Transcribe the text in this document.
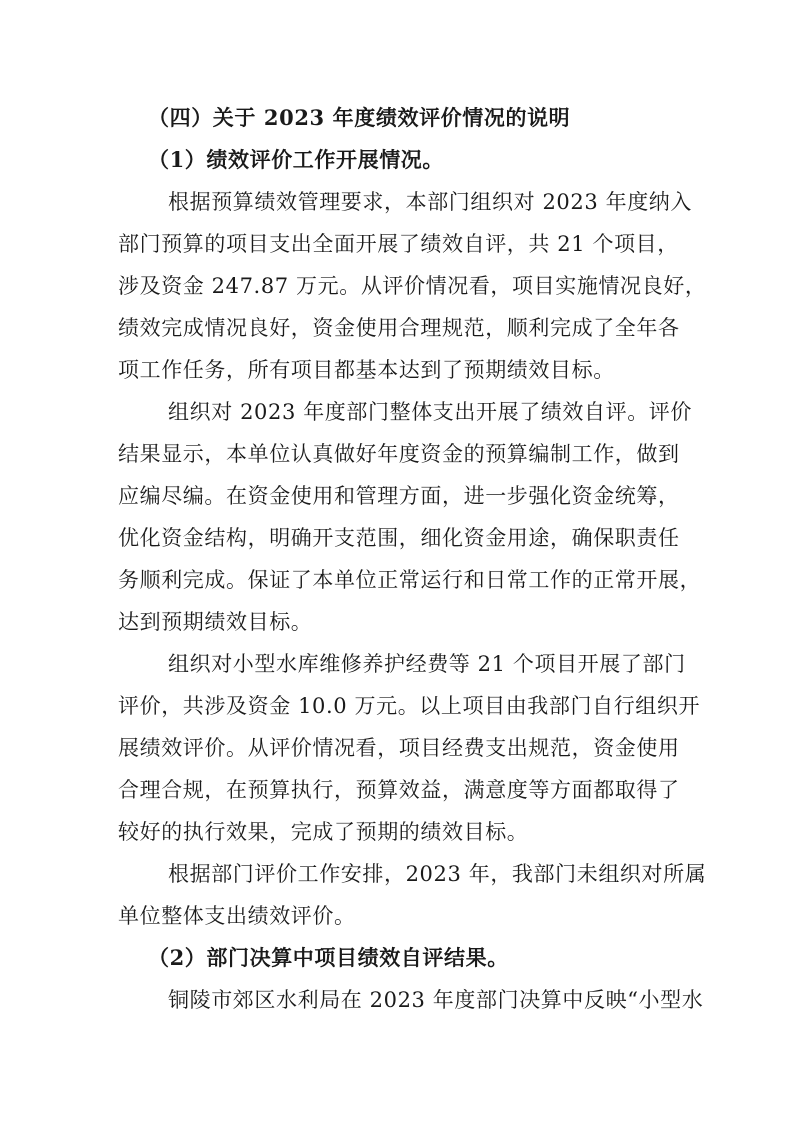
（四）关于 2023 年度绩效评价情况的说明
（1）绩效评价工作开展情况。
根据预算绩效管理要求，本部门组织对 2023 年度纳入
部门预算的项目支出全面开展了绩效自评，共 21 个项目，
涉及资金 247.87 万元。从评价情况看，项目实施情况良好，
绩效完成情况良好，资金使用合理规范，顺利完成了全年各
项工作任务，所有项目都基本达到了预期绩效目标。
组织对 2023 年度部门整体支出开展了绩效自评。评价
结果显示，本单位认真做好年度资金的预算编制工作，做到
应编尽编。在资金使用和管理方面，进一步强化资金统筹，
优化资金结构，明确开支范围，细化资金用途，确保职责任
务顺利完成。保证了本单位正常运行和日常工作的正常开展，
达到预期绩效目标。
组织对小型水库维修养护经费等 21 个项目开展了部门
评价，共涉及资金 10.0 万元。以上项目由我部门自行组织开
展绩效评价。从评价情况看，项目经费支出规范，资金使用
合理合规，在预算执行，预算效益，满意度等方面都取得了
较好的执行效果，完成了预期的绩效目标。
根据部门评价工作安排，2023 年，我部门未组织对所属
单位整体支出绩效评价。
（2）部门决算中项目绩效自评结果。
铜陵市郊区水利局在 2023 年度部门决算中反映“小型水
